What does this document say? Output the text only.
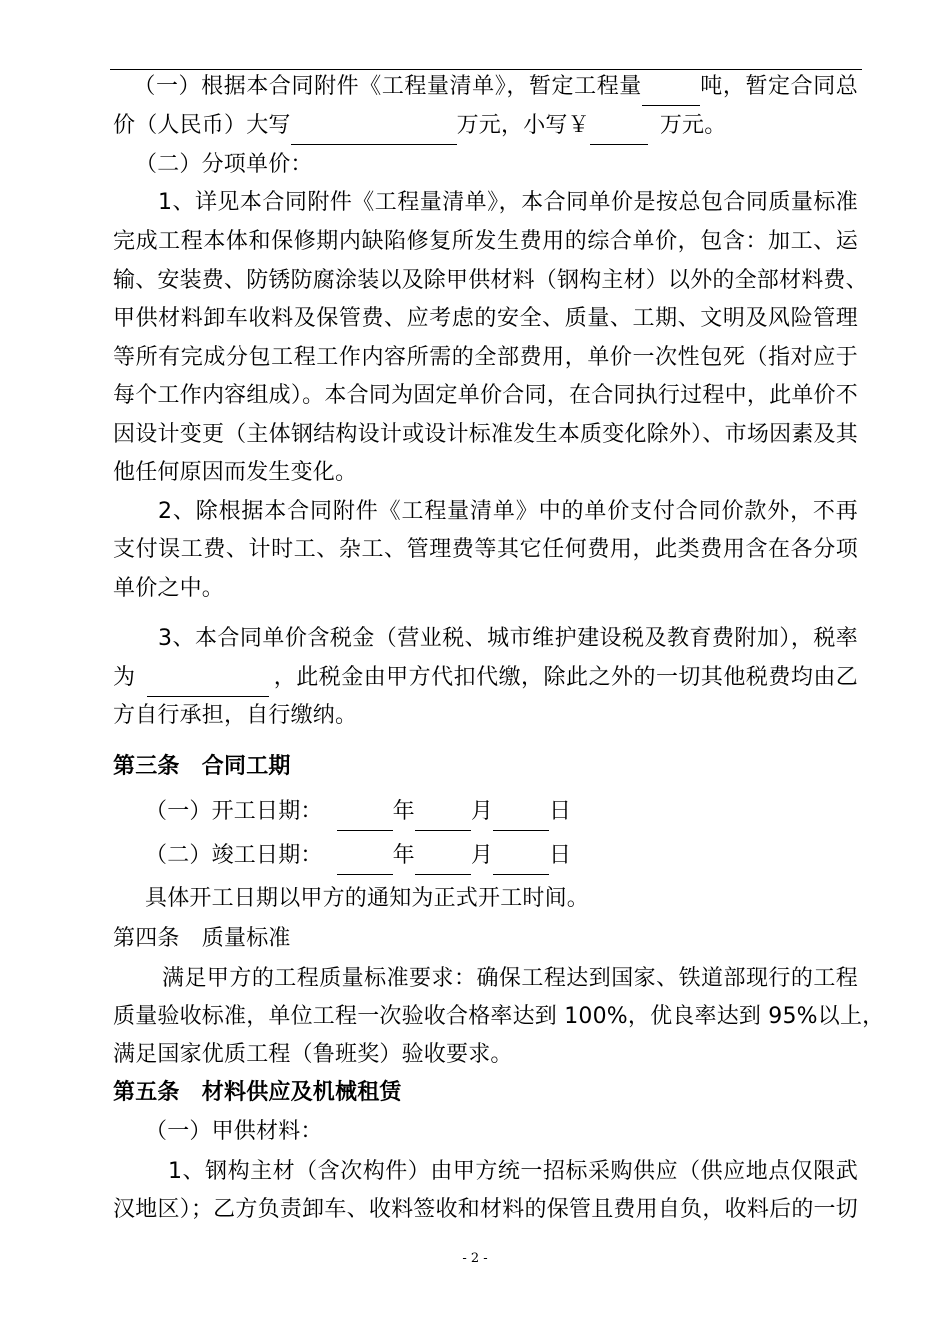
（一）根据本合同附件《工程量清单》，暂定工程量	吨，暂定合同总
价（人民币）大写	万元，小写￥	万元。
（二）分项单价：
1、详见本合同附件《工程量清单》，本合同单价是按总包合同质量标准
完成工程本体和保修期内缺陷修复所发生费用的综合单价，包含：加工、运
输、安装费、防锈防腐涂装以及除甲供材料（钢构主材）以外的全部材料费、
甲供材料卸车收料及保管费、应考虑的安全、质量、工期、文明及风险管理
等所有完成分包工程工作内容所需的全部费用，单价一次性包死（指对应于
每个工作内容组成）。本合同为固定单价合同，在合同执行过程中，此单价不
因设计变更（主体钢结构设计或设计标准发生本质变化除外）、市场因素及其
他任何原因而发生变化。
2、除根据本合同附件《工程量清单》中的单价支付合同价款外，不再
支付误工费、计时工、杂工、管理费等其它任何费用，此类费用含在各分项
单价之中。
3、本合同单价含税金（营业税、城市维护建设税及教育费附加），税率
为	，此税金由甲方代扣代缴，除此之外的一切其他税费均由乙
方自行承担，自行缴纳。
第三条　合同工期
（一）开工日期：	年	月	日
（二）竣工日期：	年	月	日
具体开工日期以甲方的通知为正式开工时间。
第四条　质量标准
满足甲方的工程质量标准要求：确保工程达到国家、铁道部现行的工程
质量验收标准，单位工程一次验收合格率达到 100%，优良率达到 95%以上，
满足国家优质工程（鲁班奖）验收要求。
第五条　材料供应及机械租赁
（一）甲供材料：
1、钢构主材（含次构件）由甲方统一招标采购供应（供应地点仅限武
汉地区）；乙方负责卸车、收料签收和材料的保管且费用自负，收料后的一切
- 2 -
